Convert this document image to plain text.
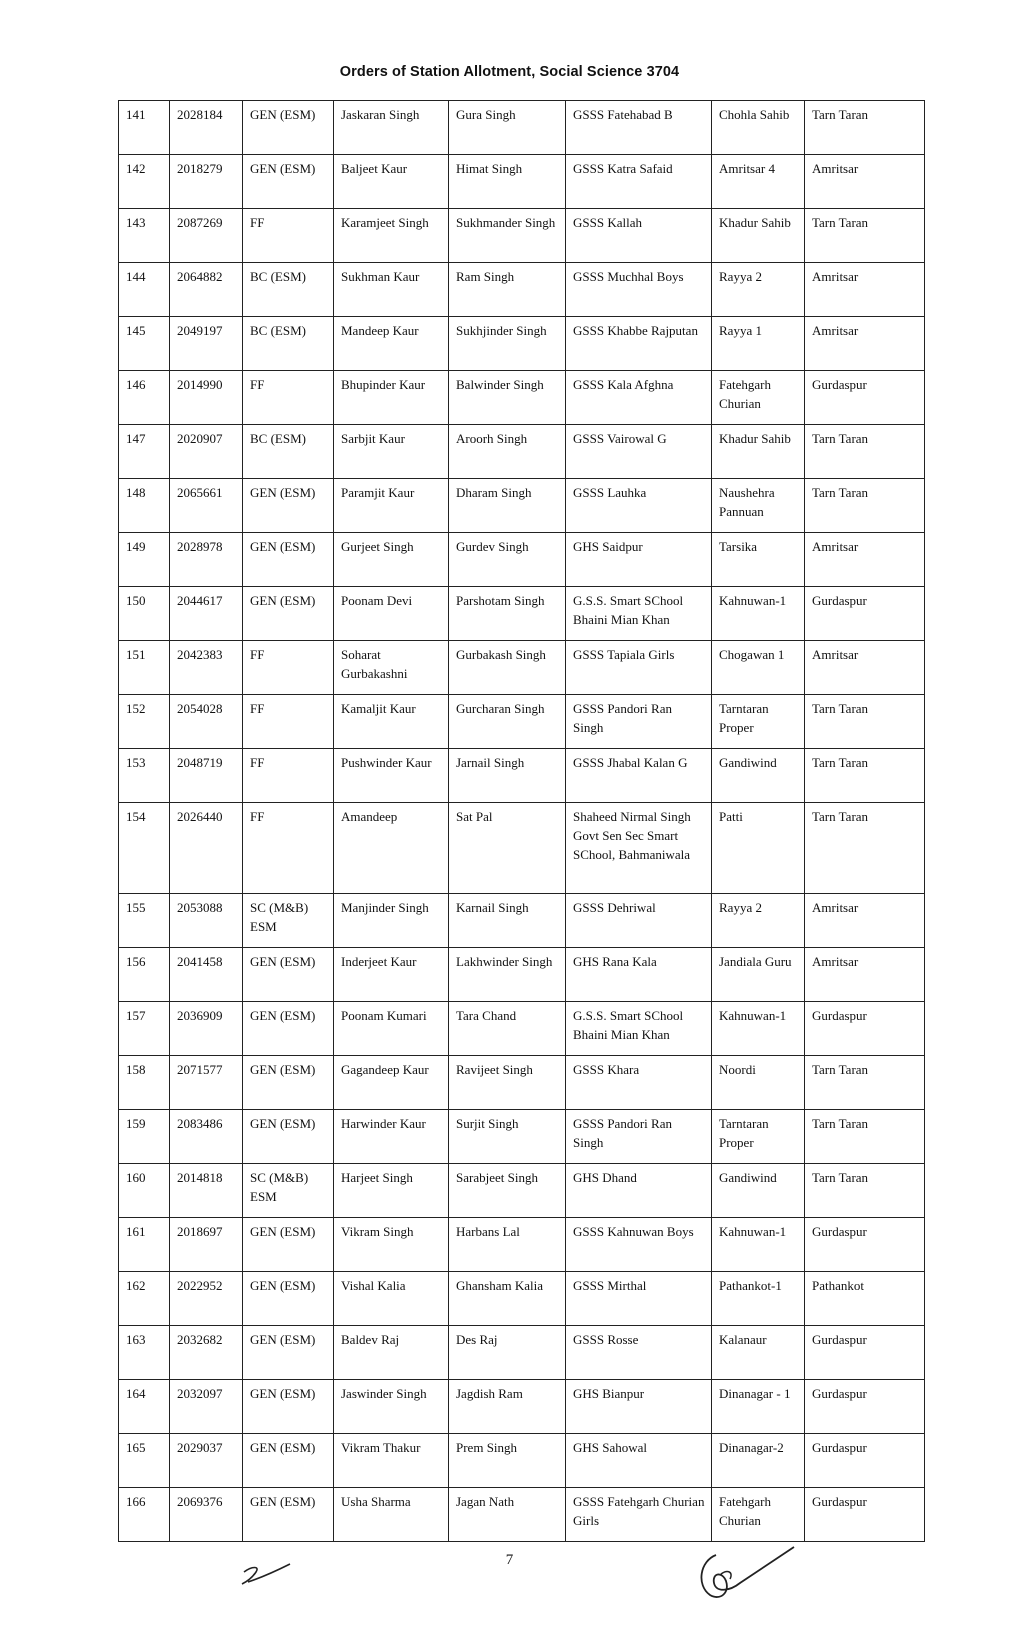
Orders of Station Allotment, Social Science 3704
141	2028184	GEN (ESM)	Jaskaran Singh	Gura Singh	GSSS Fatehabad B	Chohla Sahib	Tarn Taran
142	2018279	GEN (ESM)	Baljeet Kaur	Himat Singh	GSSS Katra Safaid	Amritsar 4	Amritsar
143	2087269	FF	Karamjeet Singh	Sukhmander Singh	GSSS Kallah	Khadur Sahib	Tarn Taran
144	2064882	BC (ESM)	Sukhman Kaur	Ram Singh	GSSS Muchhal Boys	Rayya 2	Amritsar
145	2049197	BC (ESM)	Mandeep Kaur	Sukhjinder Singh	GSSS Khabbe Rajputan	Rayya 1	Amritsar
146	2014990	FF	Bhupinder Kaur	Balwinder Singh	GSSS Kala Afghna	Fatehgarh Churian	Gurdaspur
147	2020907	BC (ESM)	Sarbjit Kaur	Aroorh Singh	GSSS Vairowal G	Khadur Sahib	Tarn Taran
148	2065661	GEN (ESM)	Paramjit Kaur	Dharam Singh	GSSS Lauhka	Naushehra Pannuan	Tarn Taran
149	2028978	GEN (ESM)	Gurjeet Singh	Gurdev Singh	GHS Saidpur	Tarsika	Amritsar
150	2044617	GEN (ESM)	Poonam Devi	Parshotam Singh	G.S.S. Smart SChool Bhaini Mian Khan	Kahnuwan-1	Gurdaspur
151	2042383	FF	Soharat Gurbakashni	Gurbakash Singh	GSSS Tapiala Girls	Chogawan 1	Amritsar
152	2054028	FF	Kamaljit Kaur	Gurcharan Singh	GSSS Pandori Ran Singh	Tarntaran Proper	Tarn Taran
153	2048719	FF	Pushwinder Kaur	Jarnail Singh	GSSS Jhabal Kalan G	Gandiwind	Tarn Taran
154	2026440	FF	Amandeep	Sat Pal	Shaheed Nirmal Singh Govt Sen Sec Smart SChool, Bahmaniwala	Patti	Tarn Taran
155	2053088	SC (M&B) ESM	Manjinder Singh	Karnail Singh	GSSS Dehriwal	Rayya 2	Amritsar
156	2041458	GEN (ESM)	Inderjeet Kaur	Lakhwinder Singh	GHS Rana Kala	Jandiala Guru	Amritsar
157	2036909	GEN (ESM)	Poonam Kumari	Tara Chand	G.S.S. Smart SChool Bhaini Mian Khan	Kahnuwan-1	Gurdaspur
158	2071577	GEN (ESM)	Gagandeep Kaur	Ravijeet Singh	GSSS Khara	Noordi	Tarn Taran
159	2083486	GEN (ESM)	Harwinder Kaur	Surjit Singh	GSSS Pandori Ran Singh	Tarntaran Proper	Tarn Taran
160	2014818	SC (M&B) ESM	Harjeet Singh	Sarabjeet Singh	GHS Dhand	Gandiwind	Tarn Taran
161	2018697	GEN (ESM)	Vikram Singh	Harbans Lal	GSSS Kahnuwan Boys	Kahnuwan-1	Gurdaspur
162	2022952	GEN (ESM)	Vishal Kalia	Ghansham Kalia	GSSS Mirthal	Pathankot-1	Pathankot
163	2032682	GEN (ESM)	Baldev Raj	Des Raj	GSSS Rosse	Kalanaur	Gurdaspur
164	2032097	GEN (ESM)	Jaswinder Singh	Jagdish Ram	GHS Bianpur	Dinanagar - 1	Gurdaspur
165	2029037	GEN (ESM)	Vikram Thakur	Prem Singh	GHS Sahowal	Dinanagar-2	Gurdaspur
166	2069376	GEN (ESM)	Usha Sharma	Jagan Nath	GSSS Fatehgarh Churian Girls	Fatehgarh Churian	Gurdaspur
7
